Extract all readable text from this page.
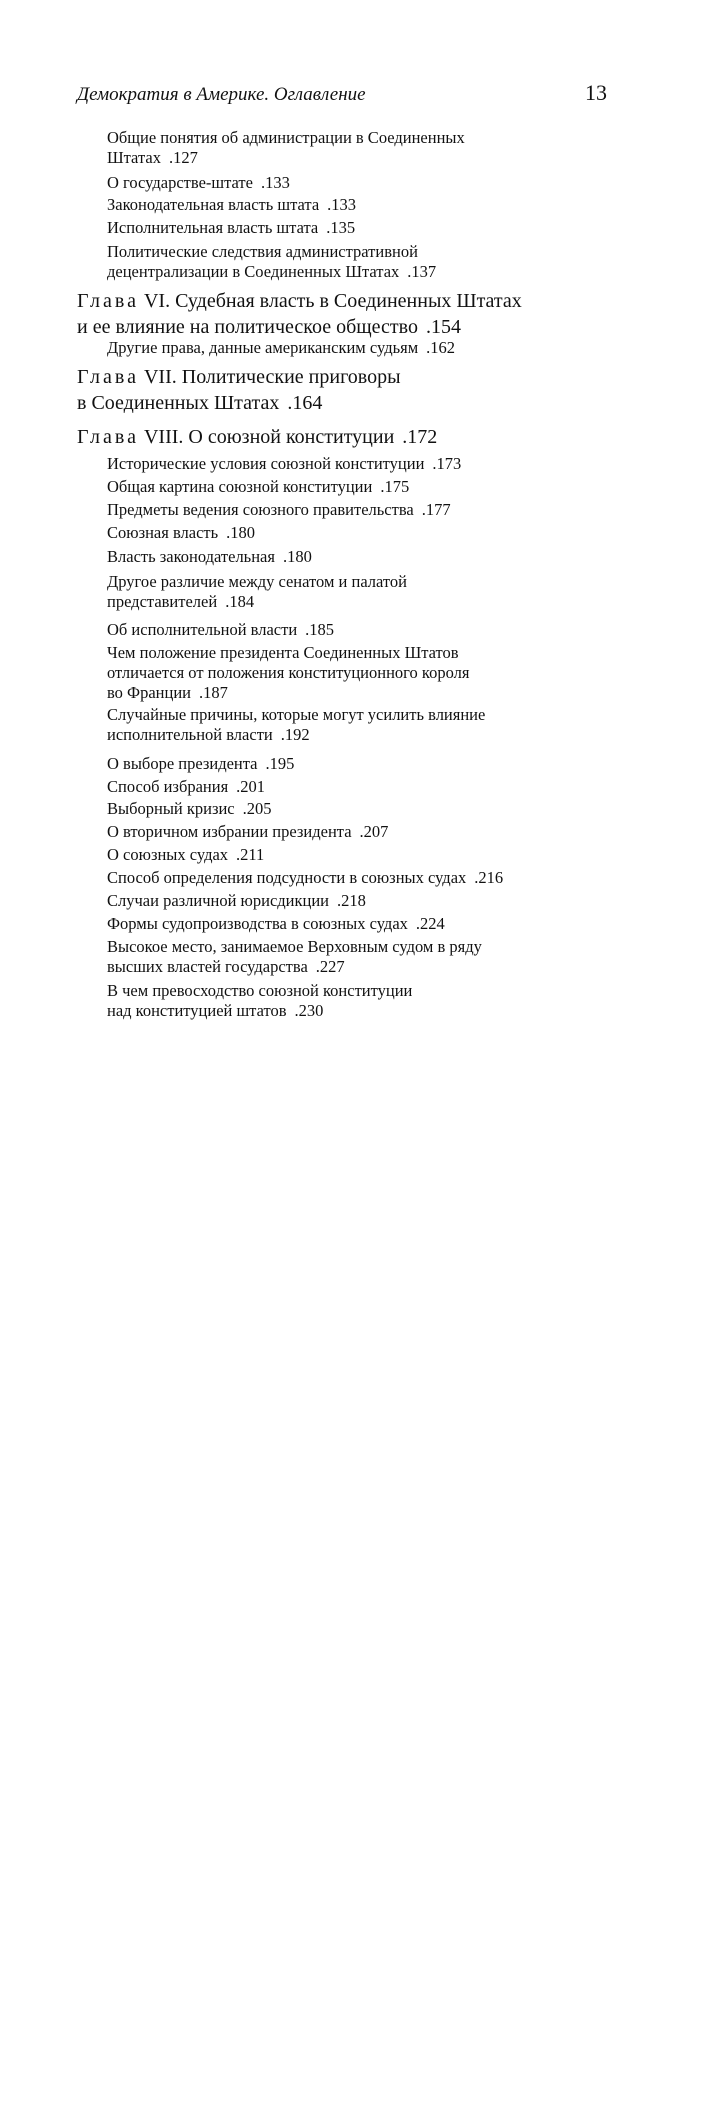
Демократия в Америке. Оглавление	13
Общие понятия об администрации в Соединенных
Штатах .127
О государстве-штате .133
Законодательная власть штата .133
Исполнительная власть штата .135
Политические следствия административной
децентрализации в Соединенных Штатах .137
Глава VI. Судебная власть в Соединенных Штатах
и ее влияние на политическое общество .154
Другие права, данные американским судьям .162
Глава VII. Политические приговоры
в Соединенных Штатах .164
Глава VIII. О союзной конституции .172
Исторические условия союзной конституции .173
Общая картина союзной конституции .175
Предметы ведения союзного правительства .177
Союзная власть .180
Власть законодательная .180
Другое различие между сенатом и палатой
представителей .184
Об исполнительной власти .185
Чем положение президента Соединенных Штатов
отличается от положения конституционного короля
во Франции .187
Случайные причины, которые могут усилить влияние
исполнительной власти .192
О выборе президента .195
Способ избрания .201
Выборный кризис .205
О вторичном избрании президента .207
О союзных судах .211
Способ определения подсудности в союзных судах .216
Случаи различной юрисдикции .218
Формы судопроизводства в союзных судах .224
Высокое место, занимаемое Верховным судом в ряду
высших властей государства .227
В чем превосходство союзной конституции
над конституцией штатов .230
